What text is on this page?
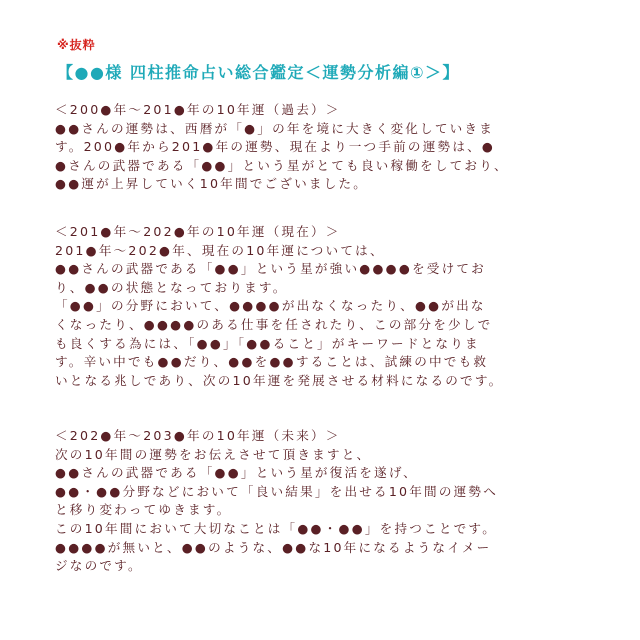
※抜粋
【●●様 四柱推命占い総合鑑定＜運勢分析編①＞】
＜200●年～201●年の10年運（過去）＞
●●さんの運勢は、西暦が「●」の年を境に大きく変化していきま
す。200●年から201●年の運勢、現在より一つ手前の運勢は、●
●さんの武器である「●●」という星がとても良い稼働をしており、
●●運が上昇していく10年間でございました。
＜201●年～202●年の10年運（現在）＞
201●年～202●年、現在の10年運については、
●●さんの武器である「●●」という星が強い●●●●を受けてお
り、●●の状態となっております。
「●●」の分野において、●●●●が出なくなったり、●●が出な
くなったり、●●●●のある仕事を任されたり、この部分を少しで
も良くする為には、「●●」「●●ること」がキーワードとなりま
す。辛い中でも●●だり、●●を●●することは、試練の中でも救
いとなる兆しであり、次の10年運を発展させる材料になるのです。
＜202●年～203●年の10年運（未来）＞
次の10年間の運勢をお伝えさせて頂きますと、
●●さんの武器である「●●」という星が復活を遂げ、
●●・●●分野などにおいて「良い結果」を出せる10年間の運勢へ
と移り変わってゆきます。
この10年間において大切なことは「●●・●●」を持つことです。
●●●●が無いと、●●のような、●●な10年になるようなイメー
ジなのです。
